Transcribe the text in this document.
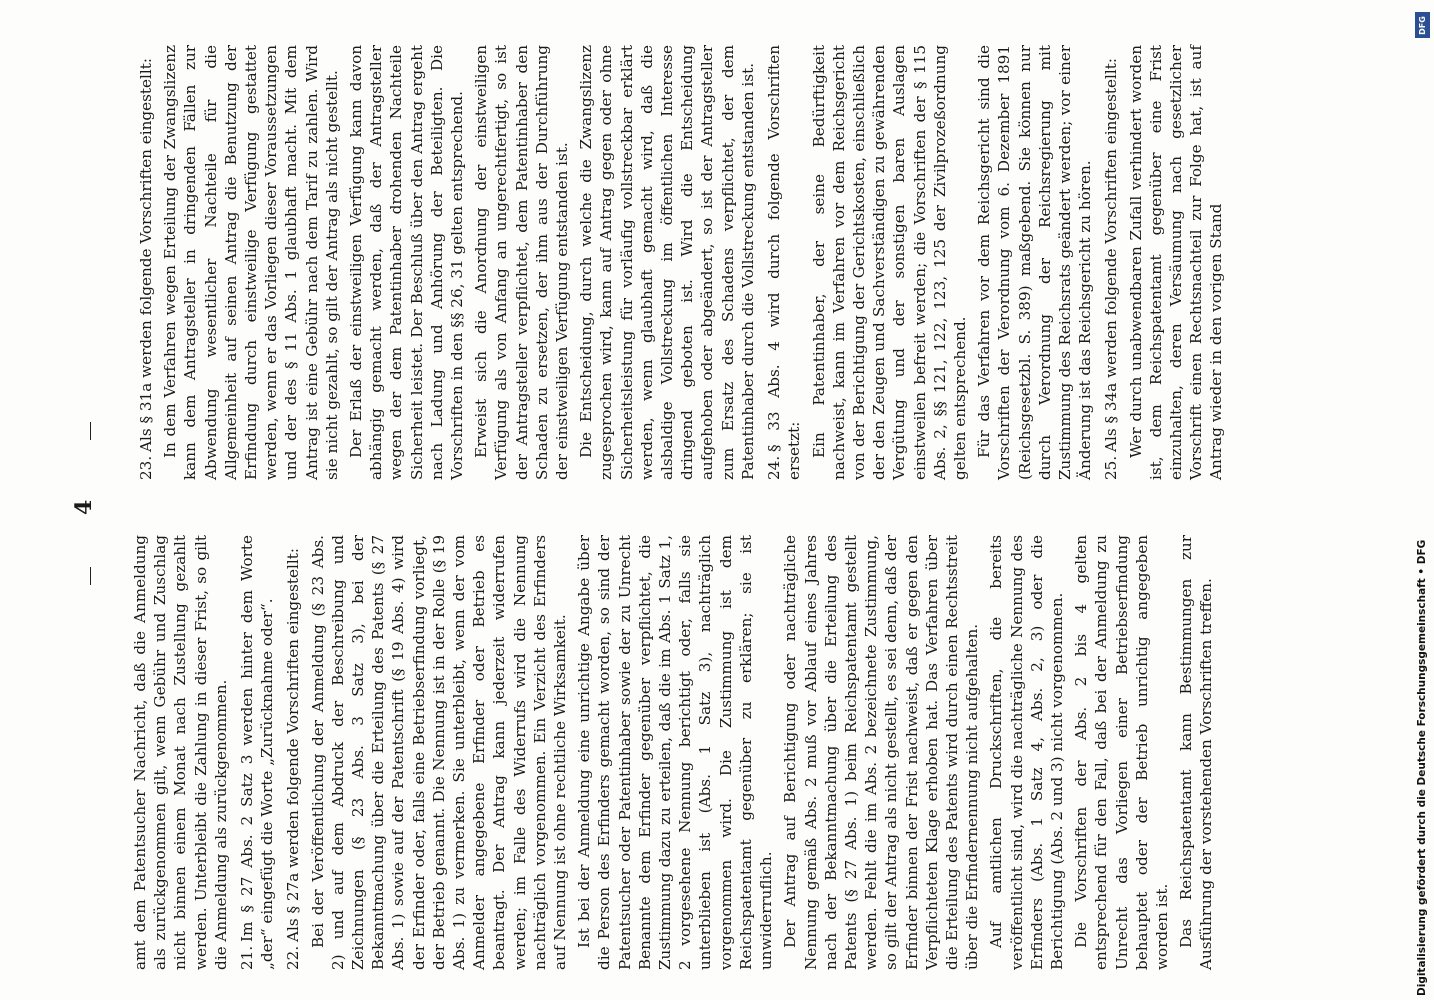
4

amt dem Patentsucher Nachricht, daß die Anmeldung als zurückgenommen gilt, wenn Gebühr und Zuschlag nicht binnen einem Monat nach Zustellung gezahlt werden. Unterbleibt die Zahlung in dieser Frist, so gilt die Anmeldung als zurückgenommen. 21.Im § 27 Abs. 2 Satz 3 werden hinter dem Worte „der“ eingefügt die Worte „Zurücknahme oder“. 22.Als § 27a werden folgende Vorschriften eingestellt: Bei der Veröffentlichung der Anmeldung (§ 23 Abs. 2) und auf dem Abdruck der Beschreibung und Zeichnungen (§ 23 Abs. 3 Satz 3), bei der Bekanntmachung über die Erteilung des Patents (§ 27 Abs. 1) sowie auf der Patentschrift (§ 19 Abs. 4) wird der Erfinder oder, falls eine Betriebserfindung vorliegt, der Betrieb genannt. Die Nennung ist in der Rolle (§ 19 Abs. 1) zu vermerken. Sie unterbleibt, wenn der vom Anmelder angegebene Erfinder oder Betrieb es beantragt. Der Antrag kann jederzeit widerrufen werden; im Falle des Widerrufs wird die Nennung nachträglich vorgenommen. Ein Verzicht des Erfinders auf Nennung ist ohne rechtliche Wirksamkeit. Ist bei der Anmeldung eine unrichtige Angabe über die Person des Erfinders gemacht worden, so sind der Patentsucher oder Patentinhaber sowie der zu Unrecht Benannte dem Erfinder gegenüber verpflichtet, die Zustimmung dazu zu erteilen, daß die im Abs. 1 Satz 1, 2 vorgesehene Nennung berichtigt oder, falls sie unterblieben ist (Abs. 1 Satz 3), nachträglich vorgenommen wird. Die Zustimmung ist dem Reichspatentamt gegenüber zu erklären; sie ist unwiderruflich. Der Antrag auf Berichtigung oder nachträgliche Nennung gemäß Abs. 2 muß vor Ablauf eines Jahres nach der Bekanntmachung über die Erteilung des Patents (§ 27 Abs. 1) beim Reichspatentamt gestellt werden. Fehlt die im Abs. 2 bezeichnete Zustimmung, so gilt der Antrag als nicht gestellt, es sei denn, daß der Erfinder binnen der Frist nachweist, daß er gegen den Verpflichteten Klage erhoben hat. Das Verfahren über die Erteilung des Patents wird durch einen Rechtsstreit über die Erfindernennung nicht aufgehalten. Auf amtlichen Druckschriften, die bereits veröffentlicht sind, wird die nachträgliche Nennung des Erfinders (Abs. 1 Satz 4, Abs. 2, 3) oder die Berichtigung (Abs. 2 und 3) nicht vorgenommen. Die Vorschriften der Abs. 2 bis 4 gelten entsprechend für den Fall, daß bei der Anmeldung zu Unrecht das Vorliegen einer Betriebserfindung behauptet oder der Betrieb unrichtig angegeben worden ist. Das Reichspatentamt kann Bestimmungen zur Ausführung der vorstehenden Vorschriften treffen.

23.Als § 31a werden folgende Vorschriften eingestellt: In dem Verfahren wegen Erteilung der Zwangslizenz kann dem Antragsteller in dringenden Fällen zur Abwendung wesentlicher Nachteile für die Allgemeinheit auf seinen Antrag die Benutzung der Erfindung durch einstweilige Verfügung gestattet werden, wenn er das Vorliegen dieser Voraussetzungen und der des § 11 Abs. 1 glaubhaft macht. Mit dem Antrag ist eine Gebühr nach dem Tarif zu zahlen. Wird sie nicht gezahlt, so gilt der Antrag als nicht gestellt. Der Erlaß der einstweiligen Verfügung kann davon abhängig gemacht werden, daß der Antragsteller wegen der dem Patentinhaber drohenden Nachteile Sicherheit leistet. Der Beschluß über den Antrag ergeht nach Ladung und Anhörung der Beteiligten. Die Vorschriften in den §§ 26, 31 gelten entsprechend. Erweist sich die Anordnung der einstweiligen Verfügung als von Anfang an ungerechtfertigt, so ist der Antragsteller verpflichtet, dem Patentinhaber den Schaden zu ersetzen, der ihm aus der Durchführung der einstweiligen Verfügung entstanden ist. Die Entscheidung, durch welche die Zwangslizenz zugesprochen wird, kann auf Antrag gegen oder ohne Sicherheitsleistung für vorläufig vollstreckbar erklärt werden, wenn glaubhaft gemacht wird, daß die alsbaldige Vollstreckung im öffentlichen Interesse dringend geboten ist. Wird die Entscheidung aufgehoben oder abgeändert, so ist der Antragsteller zum Ersatz des Schadens verpflichtet, der dem Patentinhaber durch die Vollstreckung entstanden ist. 24.§ 33 Abs. 4 wird durch folgende Vorschriften ersetzt: Ein Patentinhaber, der seine Bedürftigkeit nachweist, kann im Verfahren vor dem Reichsgericht von der Berichtigung der Gerichtskosten, einschließlich der den Zeugen und Sachverständigen zu gewährenden Vergütung und der sonstigen baren Auslagen einstweilen befreit werden; die Vorschriften der § 115 Abs. 2, §§ 121, 122, 123, 125 der Zivilprozeßordnung gelten entsprechend. Für das Verfahren vor dem Reichsgericht sind die Vorschriften der Verordnung vom 6. Dezember 1891 (Reichsgesetzbl. S. 389) maßgebend. Sie können nur durch Verordnung der Reichsregierung mit Zustimmung des Reichsrats geändert werden; vor einer Änderung ist das Reichsgericht zu hören. 25.Als § 34a werden folgende Vorschriften eingestellt: Wer durch unabwendbaren Zufall verhindert worden ist, dem Reichspatentamt gegenüber eine Frist einzuhalten, deren Versäumung nach gesetzlicher Vorschrift einen Rechtsnachteil zur Folge hat, ist auf Antrag wieder in den vorigen Stand

DFG
Digitalisierung gefördert durch die Deutsche Forschungsgemeinschaft • DFG
